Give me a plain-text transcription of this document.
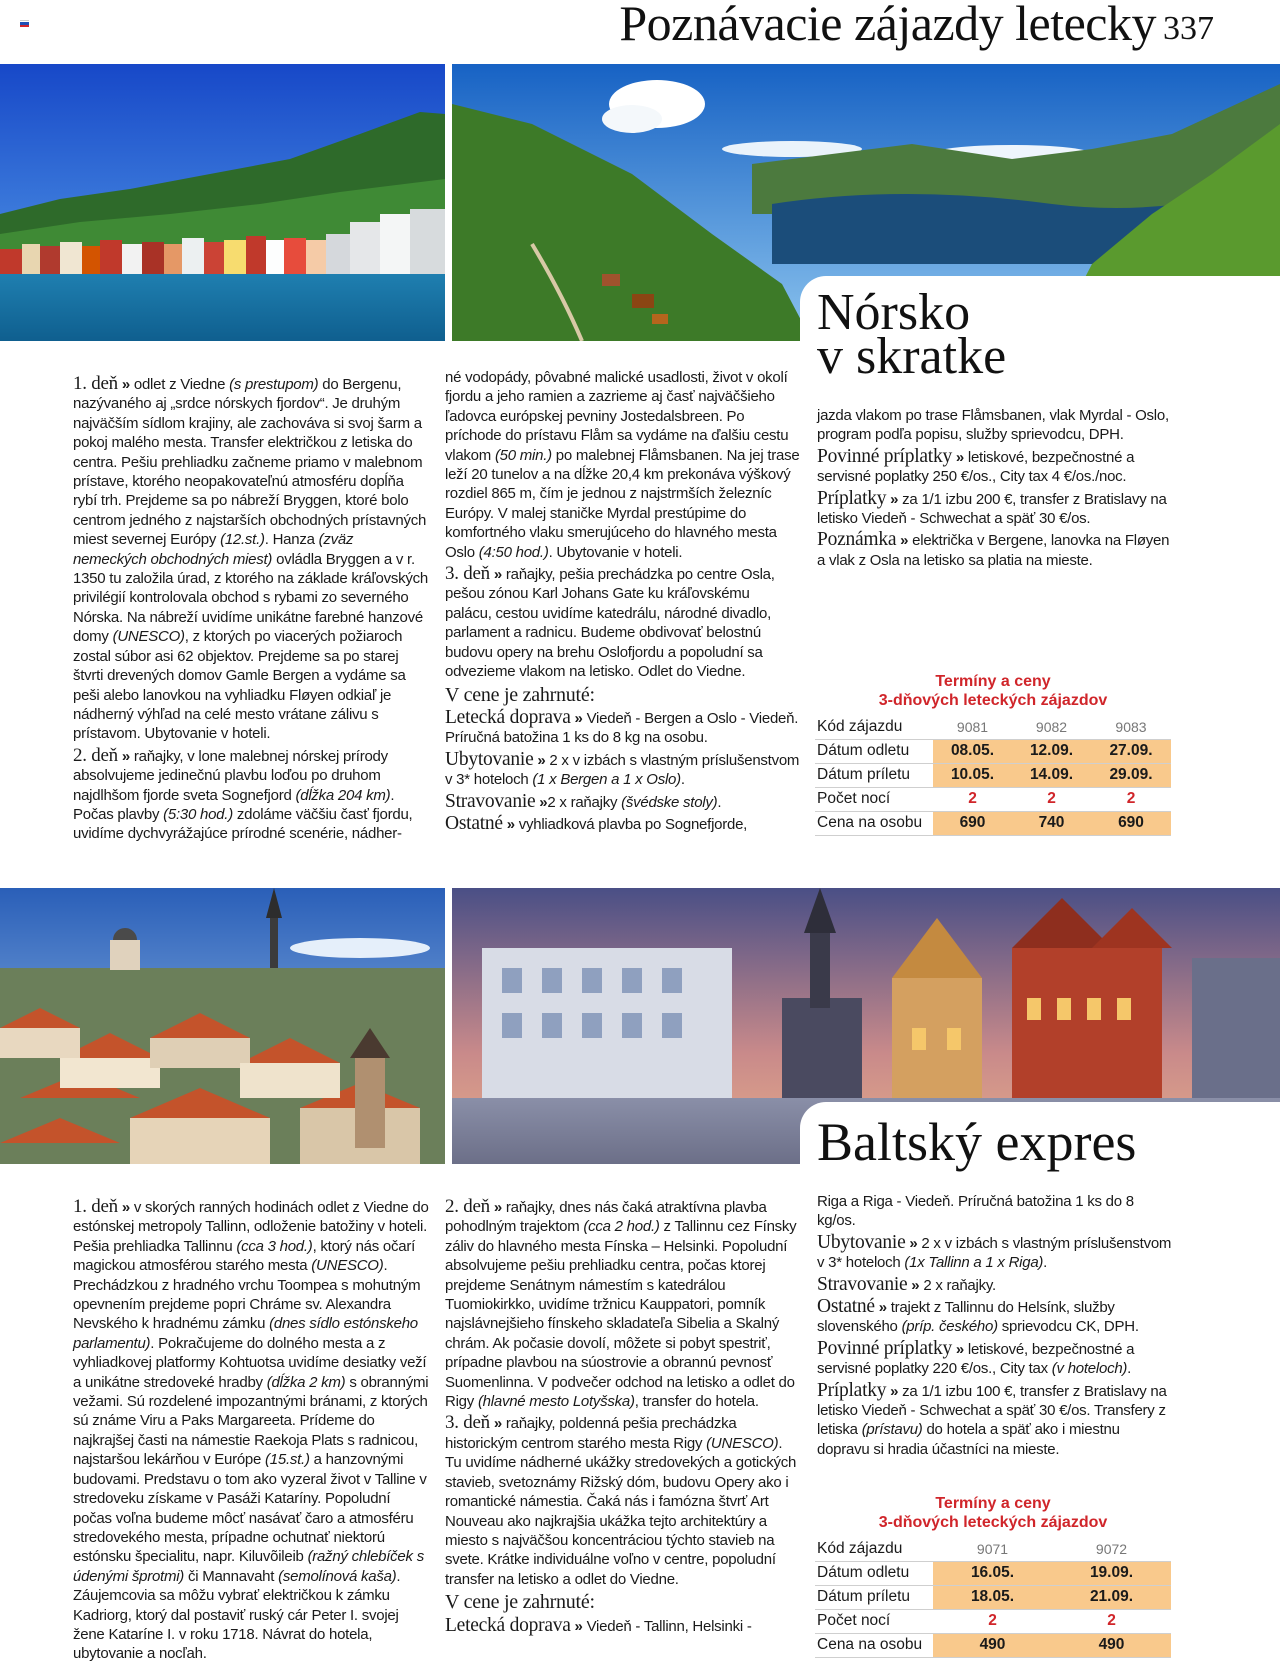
Poznávacie zájazdy letecky 337
Nórsko
v skratke

1. deň » odlet z Viedne (s prestupom) do Bergenu, nazývaného aj „srdce nórskych fjordov“. Je druhým najväčším sídlom krajiny, ale zachováva si svoj šarm a pokoj malého mesta. Transfer električkou z letiska do centra. Pešiu prehliadku začneme priamo v malebnom prístave, ktorého neopakovateľnú atmosféru dopĺňa rybí trh. Prejdeme sa po nábreží Bryggen, ktoré bolo centrom jedného z najstarších obchodných prístavných miest severnej Európy (12.st.). Hanza (zväz nemeckých obchodných miest) ovládla Bryggen a v r. 1350 tu založila úrad, z ktorého na základe kráľovských privilégií kontrolovala obchod s rybami zo severného Nórska. Na nábreží uvidíme unikátne farebné hanzové domy (UNESCO), z ktorých po viacerých požiaroch zostal súbor asi 62 objektov. Prejdeme sa po starej štvrti drevených domov Gamle Bergen a vydáme sa peši alebo lanovkou na vyhliadku Fløyen odkiaľ je nádherný výhľad na celé mesto vrátane zálivu s prístavom. Ubytovanie v hoteli.

2. deň » raňajky, v lone malebnej nórskej prírody absolvujeme jedinečnú plavbu loďou po druhom najdlhšom fjorde sveta Sognefjord (dĺžka 204 km). Počas plavby (5:30 hod.) zdoláme väčšiu časť fjordu, uvidíme dychvyrážajúce prírodné scenérie, nádher-

né vodopády, pôvabné malické usadlosti, život v okolí fjordu a jeho ramien a zazrieme aj časť najväčšieho ľadovca európskej pevniny Jostedalsbreen. Po príchode do prístavu Flåm sa vydáme na ďalšiu cestu vlakom (50 min.) po malebnej Flåmsbanen. Na jej trase leží 20 tunelov a na dĺžke 20,4 km prekonáva výškový rozdiel 865 m, čím je jednou z najstrmších železníc Európy. V malej staničke Myrdal prestúpime do komfortného vlaku smerujúceho do hlavného mesta Oslo (4:50 hod.). Ubytovanie v hoteli.

3. deň » raňajky, pešia prechádzka po centre Osla, pešou zónou Karl Johans Gate ku kráľovskému palácu, cestou uvidíme katedrálu, národné divadlo, parlament a radnicu. Budeme obdivovať belostnú budovu opery na brehu Oslofjordu a popoludní sa odvezieme vlakom na letisko. Odlet do Viedne.

V cene je zahrnuté:

Letecká doprava » Viedeň - Bergen a Oslo - Viedeň. Príručná batožina 1 ks do 8 kg na osobu.

Ubytovanie » 2 x v izbách s vlastným príslušenstvom v 3* hoteloch (1 x Bergen a 1 x Oslo).

Stravovanie »2 x raňajky (švédske stoly).

Ostatné » vyhliadková plavba po Sognefjorde,

jazda vlakom po trase Flåmsbanen, vlak Myrdal - Oslo, program podľa popisu, služby sprievodcu, DPH.

Povinné príplatky » letiskové, bezpečnostné a servisné poplatky 250 €/os., City tax 4 €/os./noc.

Príplatky » za 1/1 izbu 200 €, transfer z Bratislavy na letisko Viedeň - Schwechat a späť 30 €/os.

Poznámka » električka v Bergene, lanovka na Fløyen a vlak z Osla na letisko sa platia na mieste.

Termíny a ceny
3-dňových leteckých zájazdov
Kód zájazdu	9081	9082	9083
Dátum odletu	08.05.	12.09.	27.09.
Dátum príletu	10.05.	14.09.	29.09.
Počet nocí	2	2	2
Cena na osobu	690	740	690
Baltský expres

1. deň » v skorých ranných hodinách odlet z Viedne do estónskej metropoly Tallinn, odloženie batožiny v hoteli. Pešia prehliadka Tallinnu (cca 3 hod.), ktorý nás očarí magickou atmosférou starého mesta (UNESCO). Prechádzkou z hradného vrchu Toompea s mohutným opevnením prejdeme popri Chráme sv. Alexandra Nevského k hradnému zámku (dnes sídlo estónskeho parlamentu). Pokračujeme do dolného mesta a z vyhliadkovej platformy Kohtuotsa uvidíme desiatky veží a unikátne stredoveké hradby (dĺžka 2 km) s obrannými vežami. Sú rozdelené impozantnými bránami, z ktorých sú známe Viru a Paks Margareeta. Prídeme do najkrajšej časti na námestie Raekoja Plats s radnicou, najstaršou lekárňou v Európe (15.st.) a hanzovnými budovami. Predstavu o tom ako vyzeral život v Talline v stredoveku získame v Pasáži Kataríny. Popoludní počas voľna budeme môcť nasávať čaro a atmosféru stredovekého mesta, prípadne ochutnať niektorú estónsku špecialitu, napr. Kiluvõileib (ražný chlebíček s údenými šprotmi) či Mannavaht (semolínová kaša). Záujemcovia sa môžu vybrať električkou k zámku Kadriorg, ktorý dal postaviť ruský cár Peter I. svojej žene Kataríne I. v roku 1718. Návrat do hotela, ubytovanie a nocľah.

2. deň » raňajky, dnes nás čaká atraktívna plavba pohodlným trajektom (cca 2 hod.) z Tallinnu cez Fínsky záliv do hlavného mesta Fínska – Helsinki. Popoludní absolvujeme pešiu prehliadku centra, počas ktorej prejdeme Senátnym námestím s katedrálou Tuomiokirkko, uvidíme tržnicu Kauppatori, pomník najslávnejšieho fínskeho skladateľa Sibelia a Skalný chrám. Ak počasie dovolí, môžete si pobyt spestriť, prípadne plavbou na súostrovie a obrannú pevnosť Suomenlinna. V podvečer odchod na letisko a odlet do Rigy (hlavné mesto Lotyšska), transfer do hotela.

3. deň » raňajky, poldenná pešia prechádzka historickým centrom starého mesta Rigy (UNESCO). Tu uvidíme nádherné ukážky stredovekých a gotických stavieb, svetoznámy Rižský dóm, budovu Opery ako i romantické námestia. Čaká nás i famózna štvrť Art Nouveau ako najkrajšia ukážka tejto architektúry a miesto s najväčšou koncentráciou týchto stavieb na svete. Krátke individuálne voľno v centre, popoludní transfer na letisko a odlet do Viedne.

V cene je zahrnuté:

Letecká doprava » Viedeň - Tallinn, Helsinki -

Riga a Riga - Viedeň. Príručná batožina 1 ks do 8 kg/os.

Ubytovanie » 2 x v izbách s vlastným príslušenstvom v 3* hoteloch (1x Tallinn a 1 x Riga).

Stravovanie » 2 x raňajky.

Ostatné » trajekt z Tallinnu do Helsínk, služby slovenského (príp. českého) sprievodcu CK, DPH.

Povinné príplatky » letiskové, bezpečnostné a servisné poplatky 220 €/os., City tax (v hoteloch).

Príplatky » za 1/1 izbu 100 €, transfer z Bratislavy na letisko Viedeň - Schwechat a späť 30 €/os. Transfery z letiska (prístavu) do hotela a späť ako i miestnu dopravu si hradia účastníci na mieste.

Termíny a ceny
3-dňových leteckých zájazdov
Kód zájazdu	9071	9072
Dátum odletu	16.05.	19.09.
Dátum príletu	18.05.	21.09.
Počet nocí	2	2
Cena na osobu	490	490
